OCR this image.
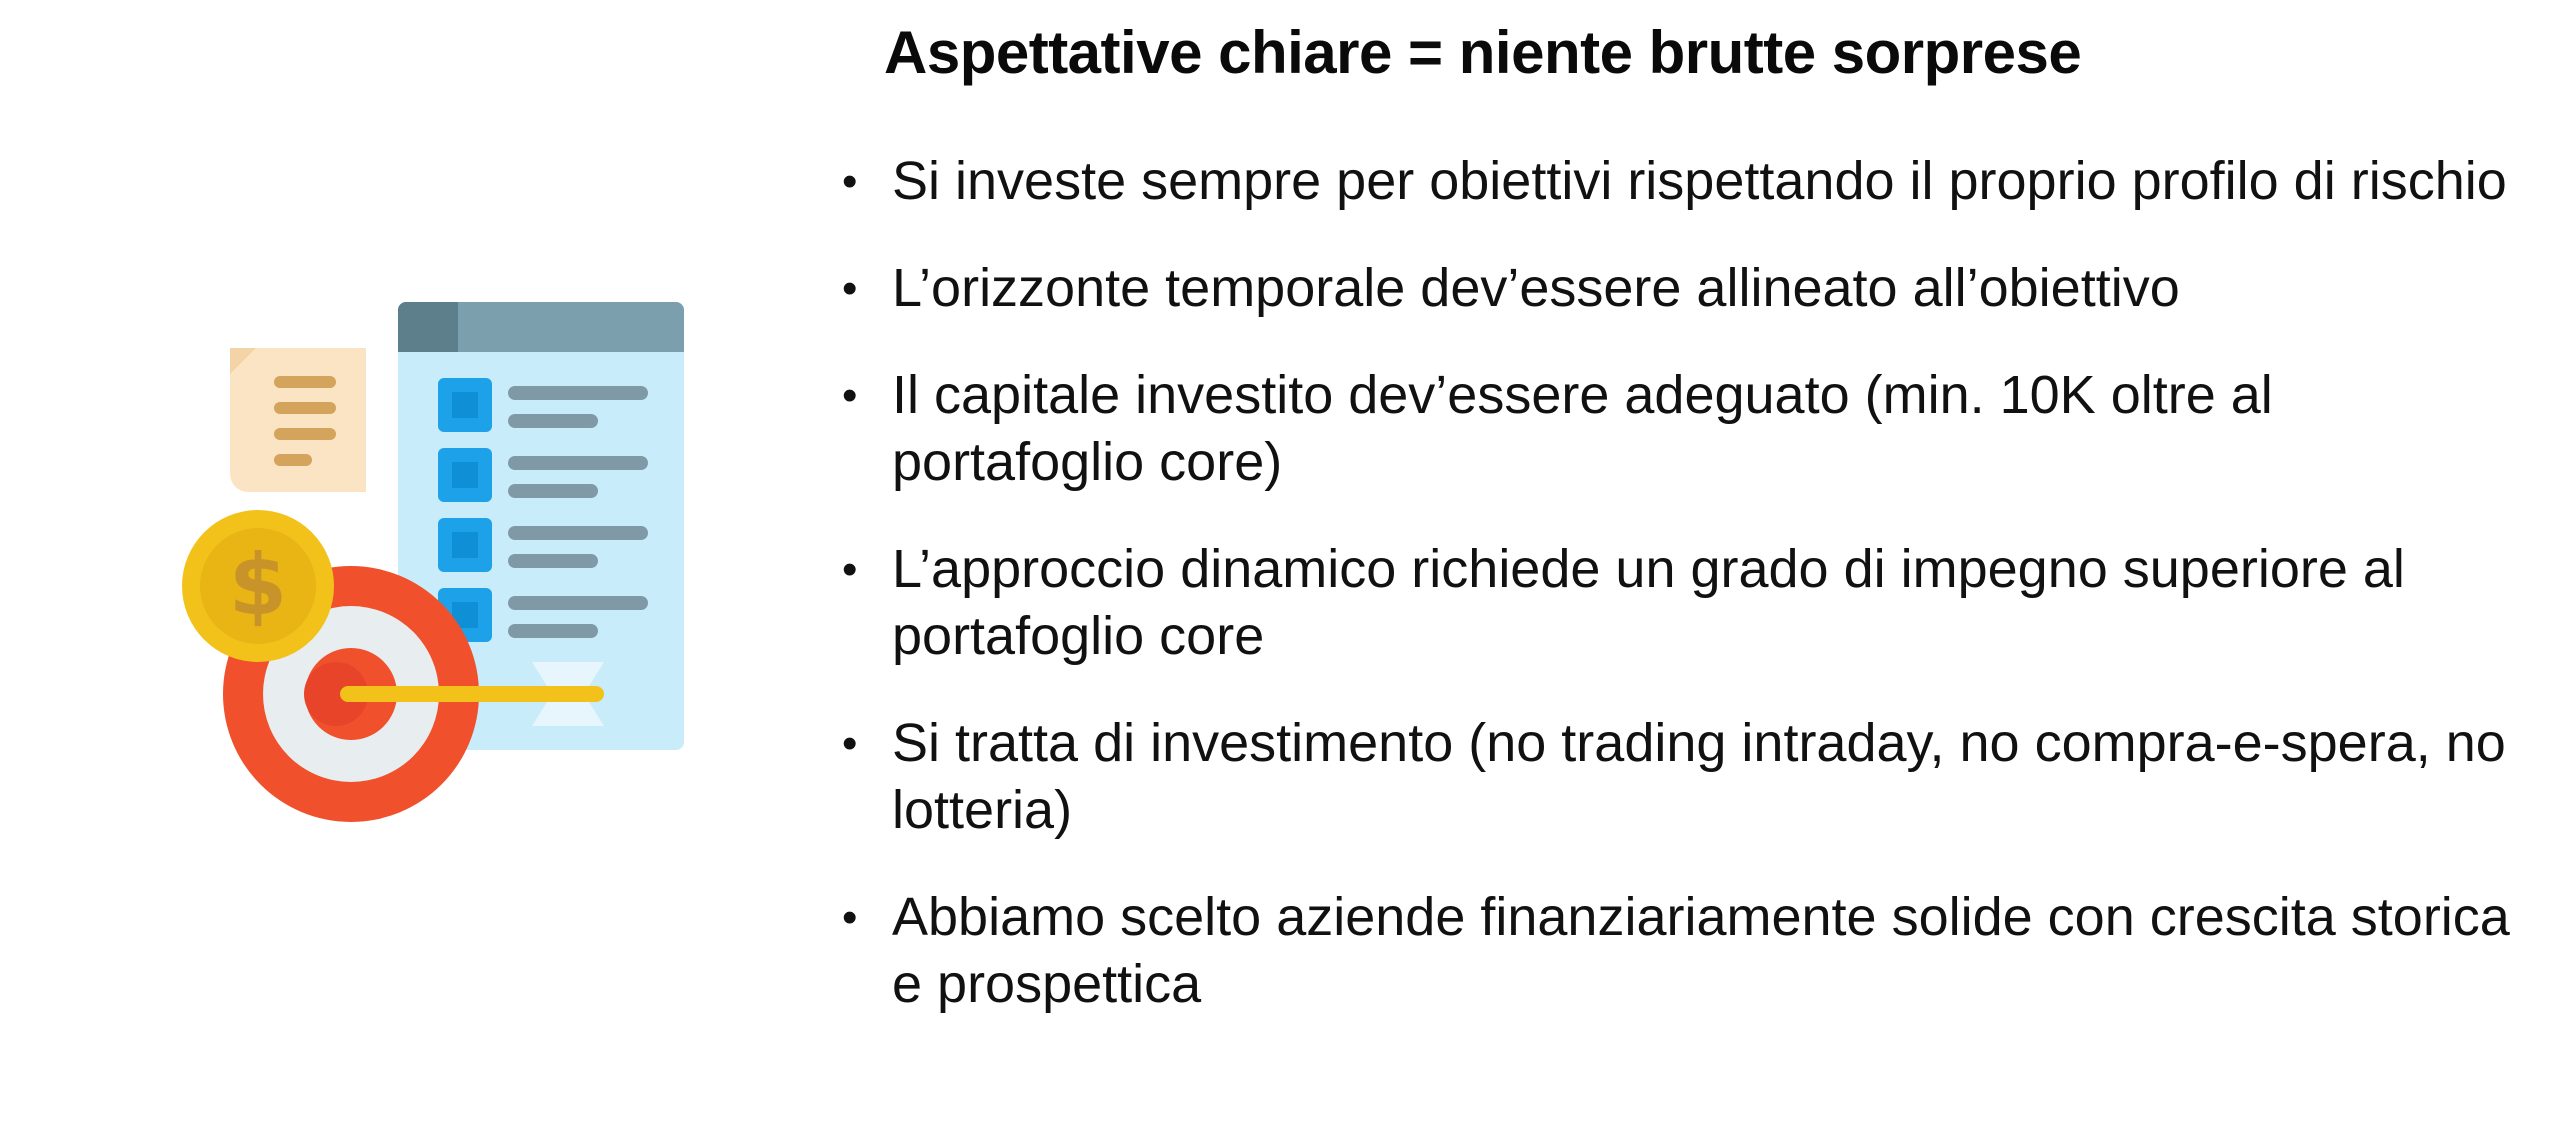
Aspettative chiare = niente brutte sorprese
$
• Si investe sempre per obiettivi rispettando il proprio profilo di rischio
• L’orizzonte temporale dev’essere allineato all’obiettivo
• Il capitale investito dev’essere adeguato (min. 10K oltre al portafoglio core)
• L’approccio dinamico richiede un grado di impegno superiore al portafoglio core
• Si tratta di investimento (no trading intraday, no compra-e-spera, no lotteria)
• Abbiamo scelto aziende finanziariamente solide con crescita storica e prospettica
